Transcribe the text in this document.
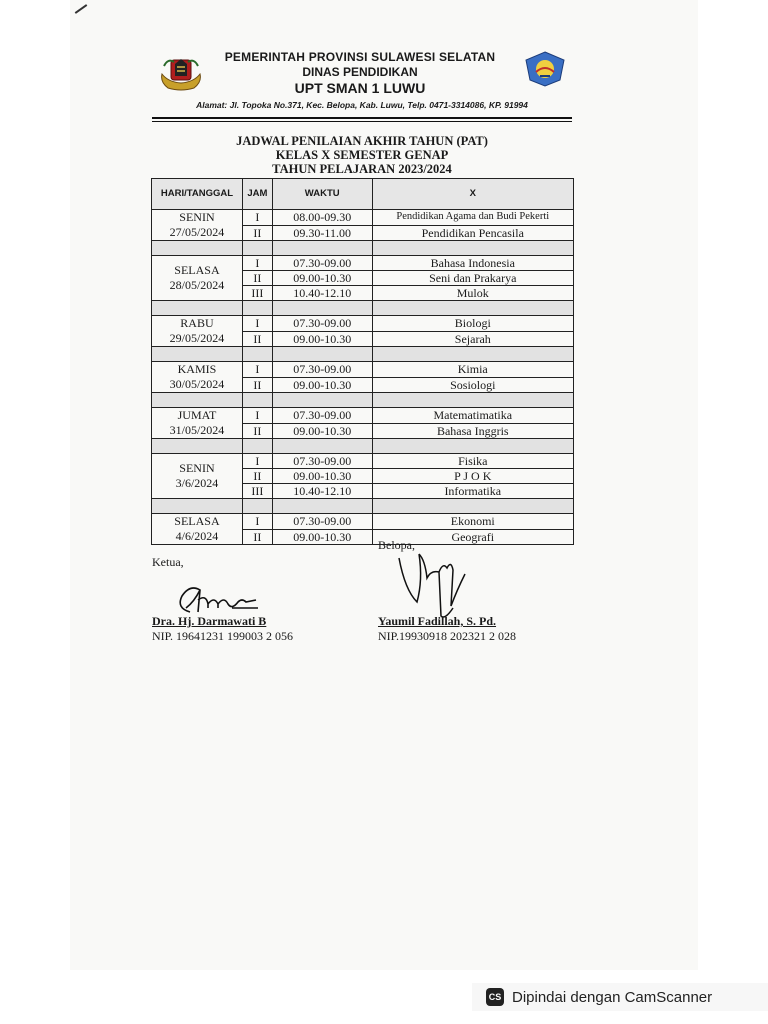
PEMERINTAH PROVINSI SULAWESI SELATAN
DINAS PENDIDIKAN
UPT SMAN 1 LUWU
Alamat: Jl. Topoka No.371, Kec. Belopa, Kab. Luwu, Telp. 0471-3314086, KP. 91994
JADWAL PENILAIAN AKHIR TAHUN (PAT)
KELAS X SEMESTER GENAP
TAHUN PELAJARAN 2023/2024
HARI/TANGGAL	JAM	WAKTU	X

SENIN
27/05/2024	I	08.00-09.30	Pendidikan Agama dan Budi Pekerti
	II	09.30-11.00	Pendidikan Pencasila

SELASA
28/05/2024	I	07.30-09.00	Bahasa Indonesia
	II	09.00-10.30	Seni dan Prakarya
	III	10.40-12.10	Mulok

RABU
29/05/2024	I	07.30-09.00	Biologi
	II	09.00-10.30	Sejarah

KAMIS
30/05/2024	I	07.30-09.00	Kimia
	II	09.00-10.30	Sosiologi

JUMAT
31/05/2024	I	07.30-09.00	Matematimatika
	II	09.00-10.30	Bahasa Inggris

SENIN
3/6/2024	I	07.30-09.00	Fisika
	II	09.00-10.30	P J O K
	III	10.40-12.10	Informatika

SELASA
4/6/2024	I	07.30-09.00	Ekonomi
	II	09.00-10.30	Geografi
Belopa,
Ketua,
Dra. Hj. Darmawati B
NIP. 19641231 199003 2 056
Yaumil Fadillah, S. Pd.
NIP.19930918 202321 2 028
CS Dipindai dengan CamScanner
